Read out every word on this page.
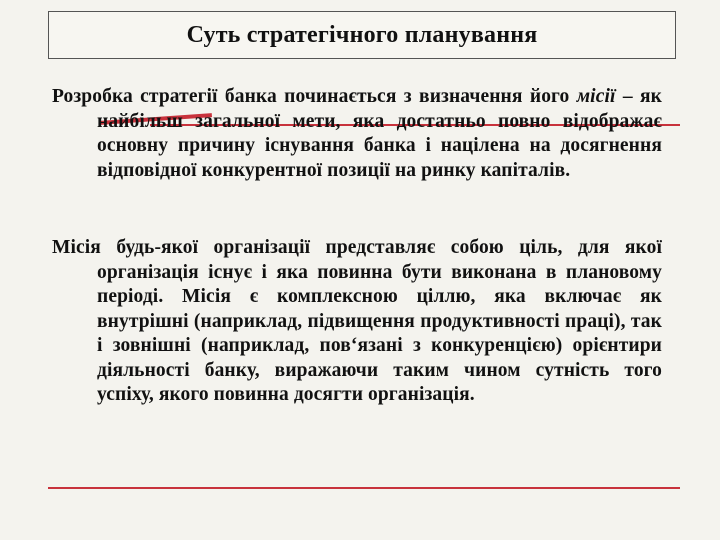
Суть стратегічного планування

Розробка стратегії банка починається з визначення його місії – як найбільш загальної мети, яка достатньо повно відображає основну причину існування банка і націлена на досягнення відповідної конкурентної позиції на ринку капіталів.

Місія будь-якої організації представляє собою ціль, для якої організація існує і яка повинна бути виконана в плановому періоді. Місія є комплексною ціллю, яка включає як внутрішні (наприклад, підвищення продуктивності праці), так і зовнішні (наприклад, пов‘язані з конкуренцією) орієнтири діяльності банку, виражаючи таким чином сутність того успіху, якого повинна досягти організація.
